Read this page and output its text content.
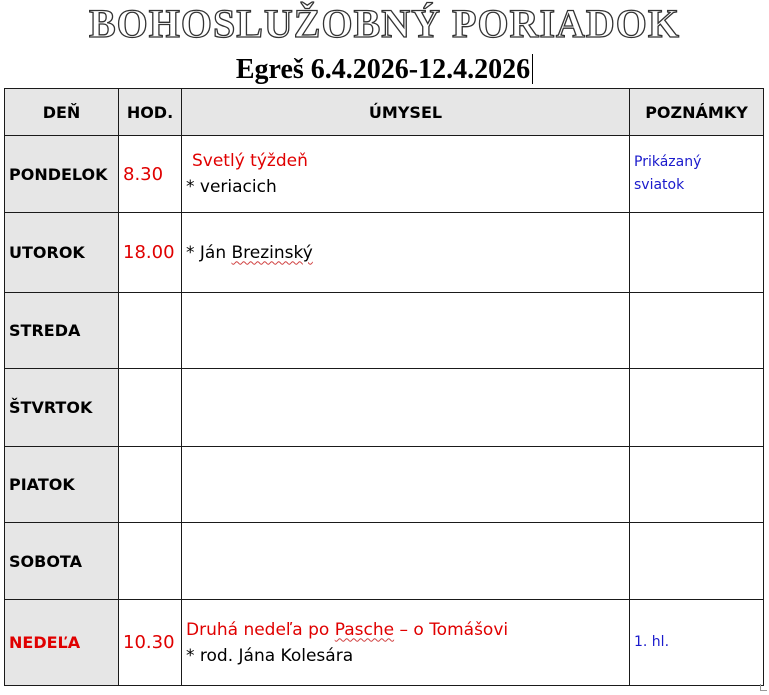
BOHOSLUŽOBNÝ PORIADOK
Egreš 6.4.2026-12.4.2026
DEŇ	HOD.	ÚMYSEL	POZNÁMKY
PONDELOK	8.30	Svetlý týždeň
* veriacich	Prikázaný
sviatok

UTOROK	18.00	* Ján Brezinský	
STREDA			
ŠTVRTOK			
PIATOK			
SOBOTA			
NEDEĽA	10.30	Druhá nedeľa po Pasche – o Tomášovi
* rod. Jána Kolesára	1. hl.
